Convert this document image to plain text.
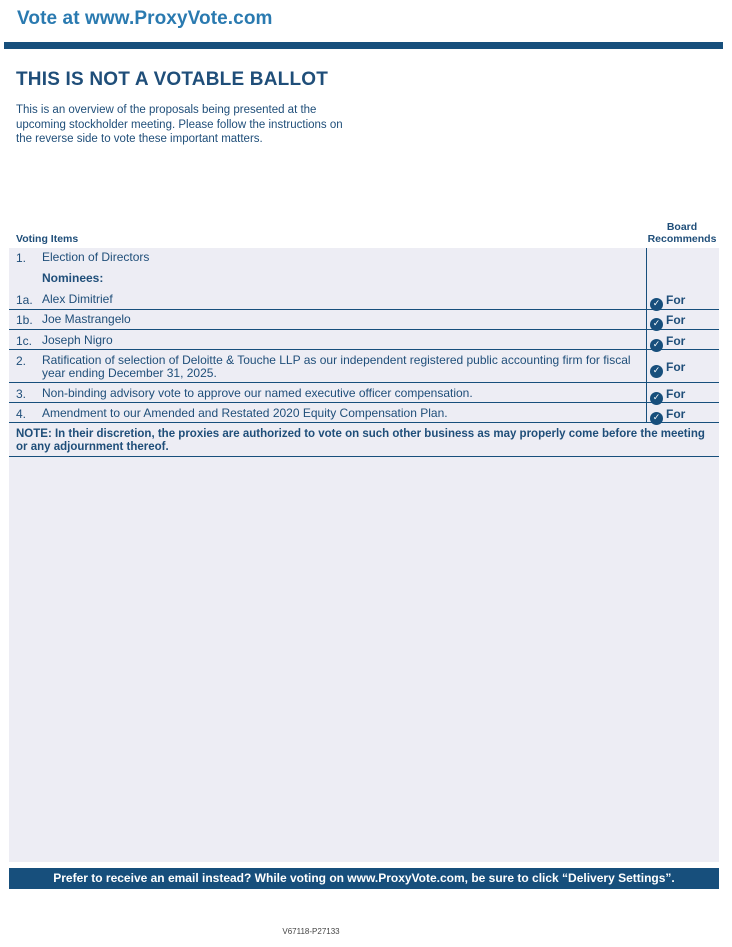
Vote at www.ProxyVote.com
THIS IS NOT A VOTABLE BALLOT
This is an overview of the proposals being presented at the upcoming stockholder meeting. Please follow the instructions on the reverse side to vote these important matters.
Voting Items
Board
Recommends
1. Election of Directors
Nominees:
1a. Alex Dimitrief	✓ For
1b. Joe Mastrangelo	✓ For
1c. Joseph Nigro	✓ For
2. Ratification of selection of Deloitte & Touche LLP as our independent registered public accounting firm for fiscal year ending December 31, 2025.	✓ For
3. Non-binding advisory vote to approve our named executive officer compensation.	✓ For
4. Amendment to our Amended and Restated 2020 Equity Compensation Plan.	✓ For
NOTE: In their discretion, the proxies are authorized to vote on such other business as may properly come before the meeting or any adjournment thereof.
Prefer to receive an email instead? While voting on www.ProxyVote.com, be sure to click “Delivery Settings”.
V67118-P27133
